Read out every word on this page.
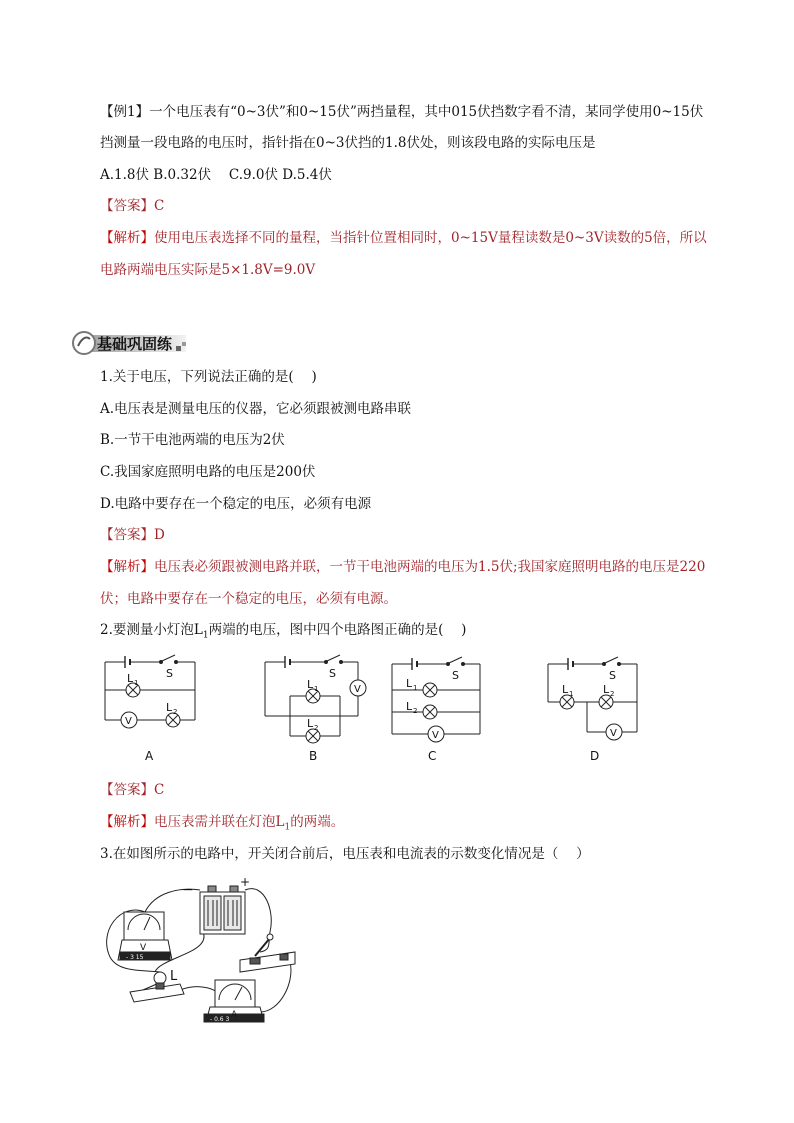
【例1】一个电压表有“0~3伏”和0~15伏”两挡量程，其中015伏挡数字看不清，某同学使用0~15伏
挡测量一段电路的电压时，指针指在0~3伏挡的1.8伏处，则该段电路的实际电压是
A.1.8伏 B.0.32伏　 C.9.0伏 D.5.4伏
【答案】C
【解析】使用电压表选择不同的量程，当指针位置相同时，0~15V量程读数是0~3V读数的5倍，所以
电路两端电压实际是5×1.8V=9.0V
基础巩固练
1.关于电压，下列说法正确的是(　 )
A.电压表是测量电压的仪器，它必须跟被测电路串联
B.一节干电池两端的电压为2伏
C.我国家庭照明电路的电压是200伏
D.电路中要存在一个稳定的电压，必须有电源
【答案】D
【解析】电压表必须跟被测电路并联，一节干电池两端的电压为1.5伏;我国家庭照明电路的电压是220
伏；电路中要存在一个稳定的电压，必须有电源。
2.要测量小灯泡$L_1$两端的电压，图中四个电路图正确的是(　 )
S
L 1
L 2
V
S
V
L 1
L 2
S
L 1
L 2
V
S
L 1	L 2
V
A	B	C	D
【答案】C
【解析】电压表需并联在灯泡$L_1$的两端。
3.在如图所示的电路中，开关闭合前后，电压表和电流表的示数变化情况是（　 ）
−	+
L
V
A
- 3 15
- 0.6 3
